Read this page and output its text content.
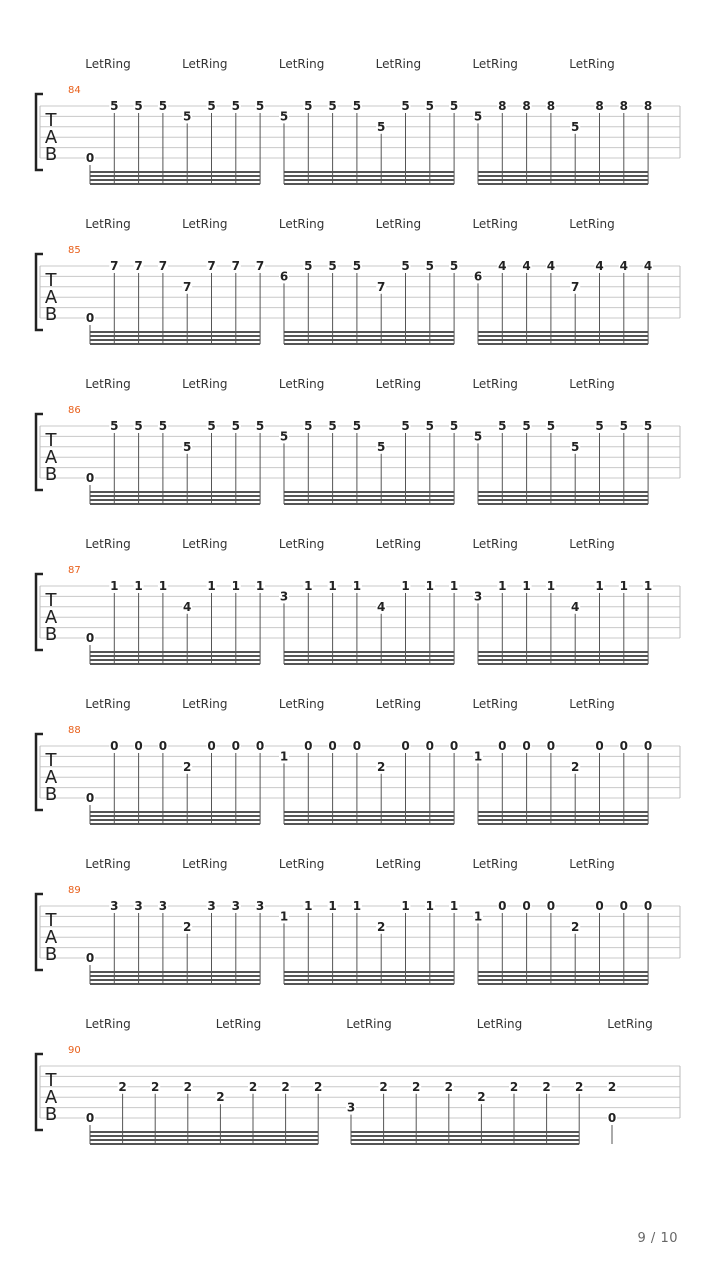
T
A
B
84
LetRing	LetRing	LetRing	LetRing	LetRing	LetRing
0
5 5 5
5
5 5 5
5
5 5 5
5
5 5 5
5
8 8 8
5
8 8 8
T
A
B
85
LetRing	LetRing	LetRing	LetRing	LetRing	LetRing
0
7 7 7
7
7 7 7
6
5 5 5
7
5 5 5
6
4 4 4
7
4 4 4
T
A
B
86
LetRing	LetRing	LetRing	LetRing	LetRing	LetRing
0
5 5 5
5
5 5 5
5
5 5 5
5
5 5 5
5
5 5 5
5
5 5 5
T
A
B
87
LetRing	LetRing	LetRing	LetRing	LetRing	LetRing
0
1 1 1
4
1 1 1
3
1 1 1
4
1 1 1
3
1 1 1
4
1 1 1
T
A
B
88
LetRing	LetRing	LetRing	LetRing	LetRing	LetRing
0
0 0 0
2
0 0 0
1
0 0 0
2
0 0 0
1
0 0 0
2
0 0 0
T
A
B
89
LetRing	LetRing	LetRing	LetRing	LetRing	LetRing
0
3 3 3
2
3 3 3
1
1 1 1
2
1 1 1
1
0 0 0
2
0 0 0
T
A
B
90
LetRing	LetRing	LetRing	LetRing	LetRing
0
2 2 2
2
2 2 2
3
2 2 2
2
2 2 2 2
0
9 / 10
